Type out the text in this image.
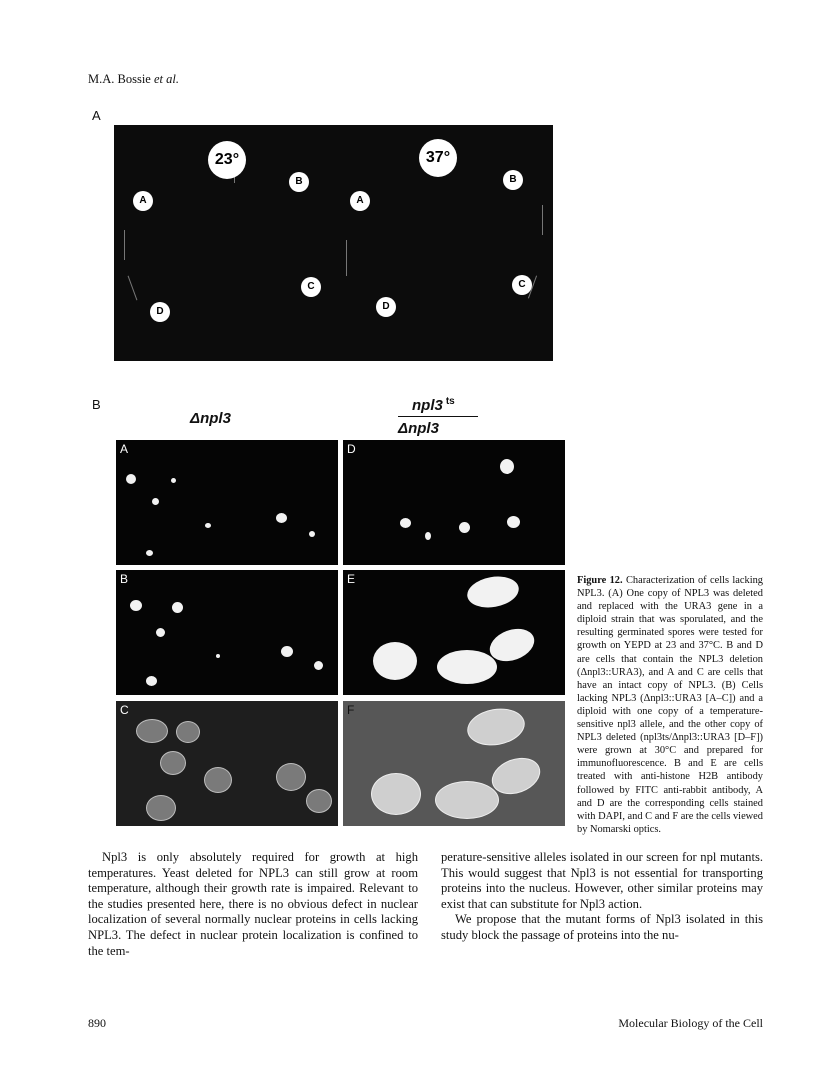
M.A. Bossie et al.
A
23°	37°
A
B
C
D
A
B
C
D
B
Δnpl3
npl3 $^{ts}$
Δnpl3
A	D
B	E
C	F
Figure 12. Characterization of cells lacking NPL3. (A) One copy of NPL3 was deleted and replaced with the URA3 gene in a diploid strain that was sporulated, and the resulting germinated spores were tested for growth on YEPD at 23 and 37°C. B and D are cells that contain the NPL3 deletion (Δnpl3::URA3), and A and C are cells that have an intact copy of NPL3. (B) Cells lacking NPL3 (Δnpl3::URA3 [A–C]) and a diploid with one copy of a temperature-sensitive npl3 allele, and the other copy of NPL3 deleted (npl3ts/Δnpl3::URA3 [D–F]) were grown at 30°C and prepared for immunofluorescence. B and E are cells treated with anti-histone H2B antibody followed by FITC anti-rabbit antibody, A and D are the corresponding cells stained with DAPI, and C and F are the cells viewed by Nomarski optics.

Npl3 is only absolutely required for growth at high temperatures. Yeast deleted for NPL3 can still grow at room temperature, although their growth rate is impaired. Relevant to the studies presented here, there is no obvious defect in nuclear localization of several normally nuclear proteins in cells lacking NPL3. The defect in nuclear protein localization is confined to the tem-

perature-sensitive alleles isolated in our screen for npl mutants. This would suggest that Npl3 is not essential for transporting proteins into the nucleus. However, other similar proteins may exist that can substitute for Npl3 action.

We propose that the mutant forms of Npl3 isolated in this study block the passage of proteins into the nu-

890	Molecular Biology of the Cell
